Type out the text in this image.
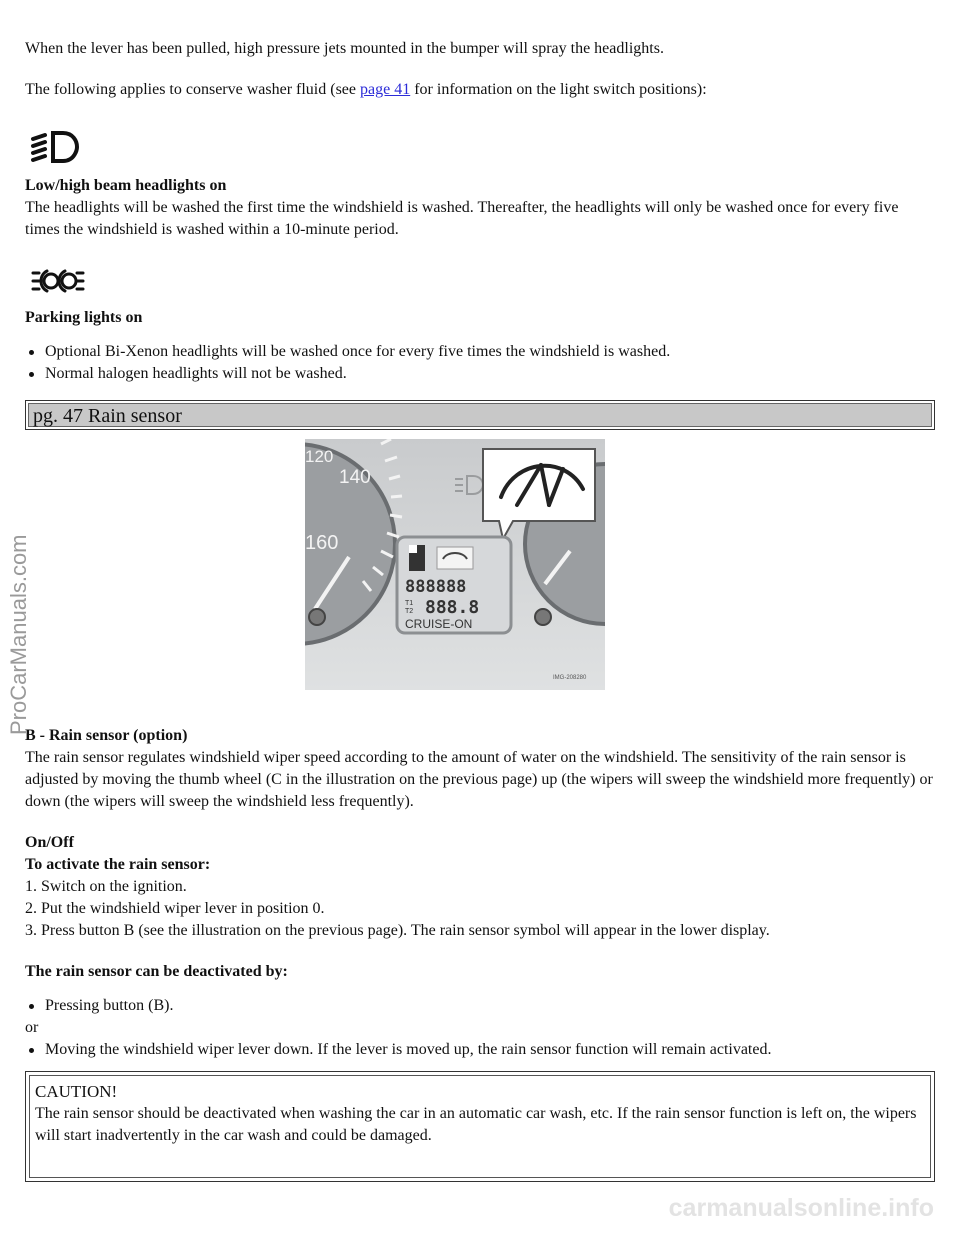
When the lever has been pulled, high pressure jets mounted in the bumper will spray the headlights.

The following applies to conserve washer fluid (see page 41 for information on the light switch positions):

Low/high beam headlights on

The headlights will be washed the first time the windshield is washed. Thereafter, the headlights will only be washed once for every five times the windshield is washed within a 10-minute period.

Parking lights on

Optional Bi-Xenon headlights will be washed once for every five times the windshield is washed.
Normal halogen headlights will not be washed.
pg. 47 Rain sensor
120
140
160
888888
T1
T2 888.8
CRUISE-ON
IMG-208280

B - Rain sensor (option)

The rain sensor regulates windshield wiper speed according to the amount of water on the windshield. The sensitivity of the rain sensor is adjusted by moving the thumb wheel (C in the illustration on the previous page) up (the wipers will sweep the windshield more frequently) or down (the wipers will sweep the windshield less frequently).

On/Off

To activate the rain sensor:

1. Switch on the ignition.

2. Put the windshield wiper lever in position 0.

3. Press button B (see the illustration on the previous page). The rain sensor symbol will appear in the lower display.

The rain sensor can be deactivated by:

Pressing button (B).

or

Moving the windshield wiper lever down. If the lever is moved up, the rain sensor function will remain activated.

CAUTION!

The rain sensor should be deactivated when washing the car in an automatic car wash, etc. If the rain sensor function is left on, the wipers will start inadvertently in the car wash and could be damaged.

ProCarManuals.com
carmanualsonline.info
